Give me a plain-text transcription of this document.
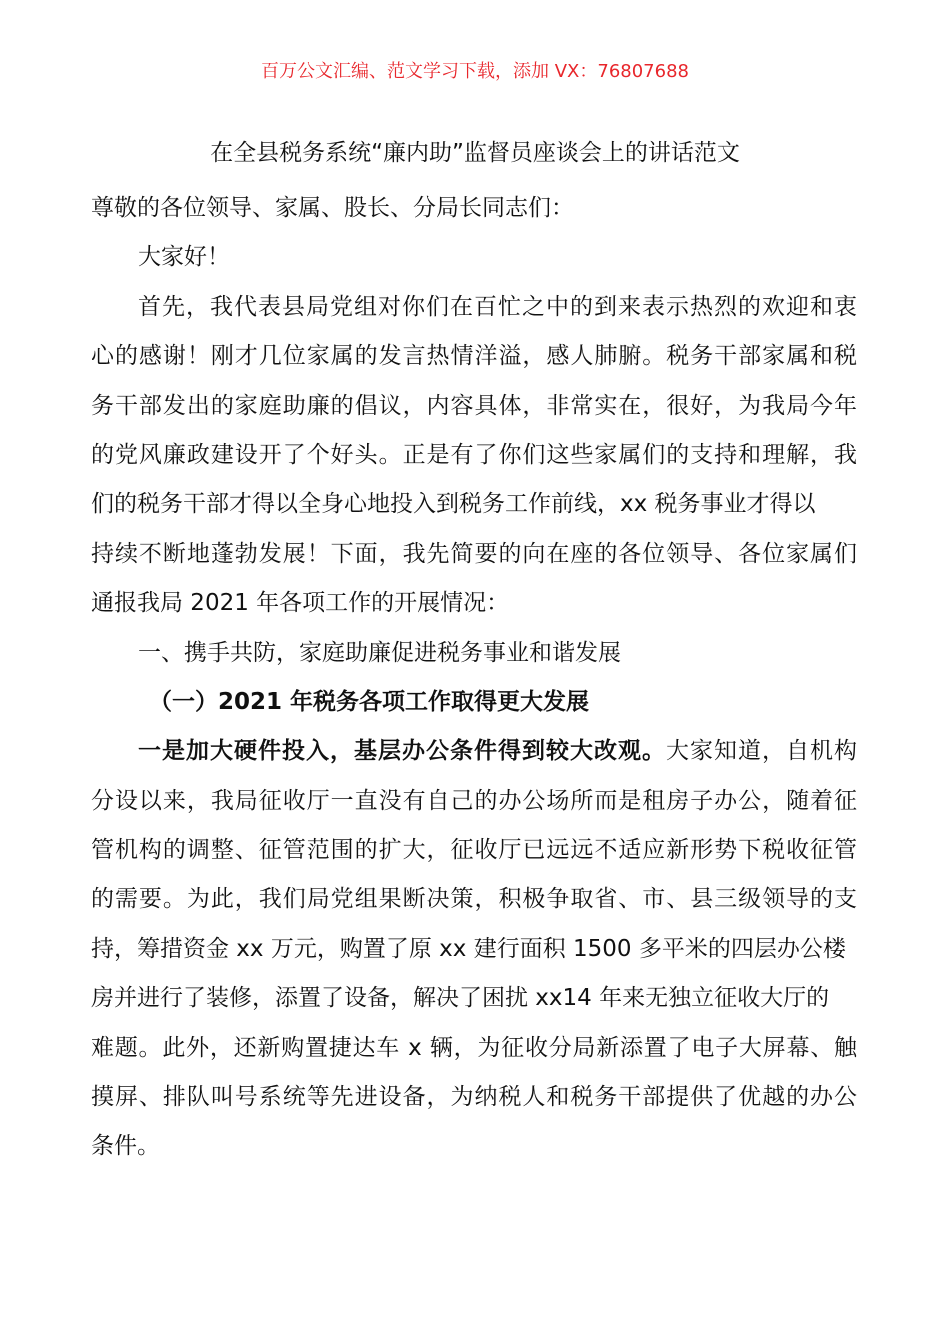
百万公文汇编、范文学习下载，添加 VX：76807688
在全县税务系统“廉内助”监督员座谈会上的讲话范文
尊敬的各位领导、家属、股长、分局长同志们：
大家好！
首先，我代表县局党组对你们在百忙之中的到来表示热烈的欢迎和衷
心的感谢！刚才几位家属的发言热情洋溢，感人肺腑。税务干部家属和税
务干部发出的家庭助廉的倡议，内容具体，非常实在，很好，为我局今年
的党风廉政建设开了个好头。正是有了你们这些家属们的支持和理解，我
们的税务干部才得以全身心地投入到税务工作前线，xx 税务事业才得以
持续不断地蓬勃发展！下面，我先简要的向在座的各位领导、各位家属们
通报我局 2021 年各项工作的开展情况：
一、携手共防，家庭助廉促进税务事业和谐发展
（一）2021 年税务各项工作取得更大发展
一是加大硬件投入，基层办公条件得到较大改观。大家知道，自机构
分设以来，我局征收厅一直没有自己的办公场所而是租房子办公，随着征
管机构的调整、征管范围的扩大，征收厅已远远不适应新形势下税收征管
的需要。为此，我们局党组果断决策，积极争取省、市、县三级领导的支
持，筹措资金 xx 万元，购置了原 xx 建行面积 1500 多平米的四层办公楼
房并进行了装修，添置了设备，解决了困扰 xx14 年来无独立征收大厅的
难题。此外，还新购置捷达车 x 辆，为征收分局新添置了电子大屏幕、触
摸屏、排队叫号系统等先进设备，为纳税人和税务干部提供了优越的办公
条件。
